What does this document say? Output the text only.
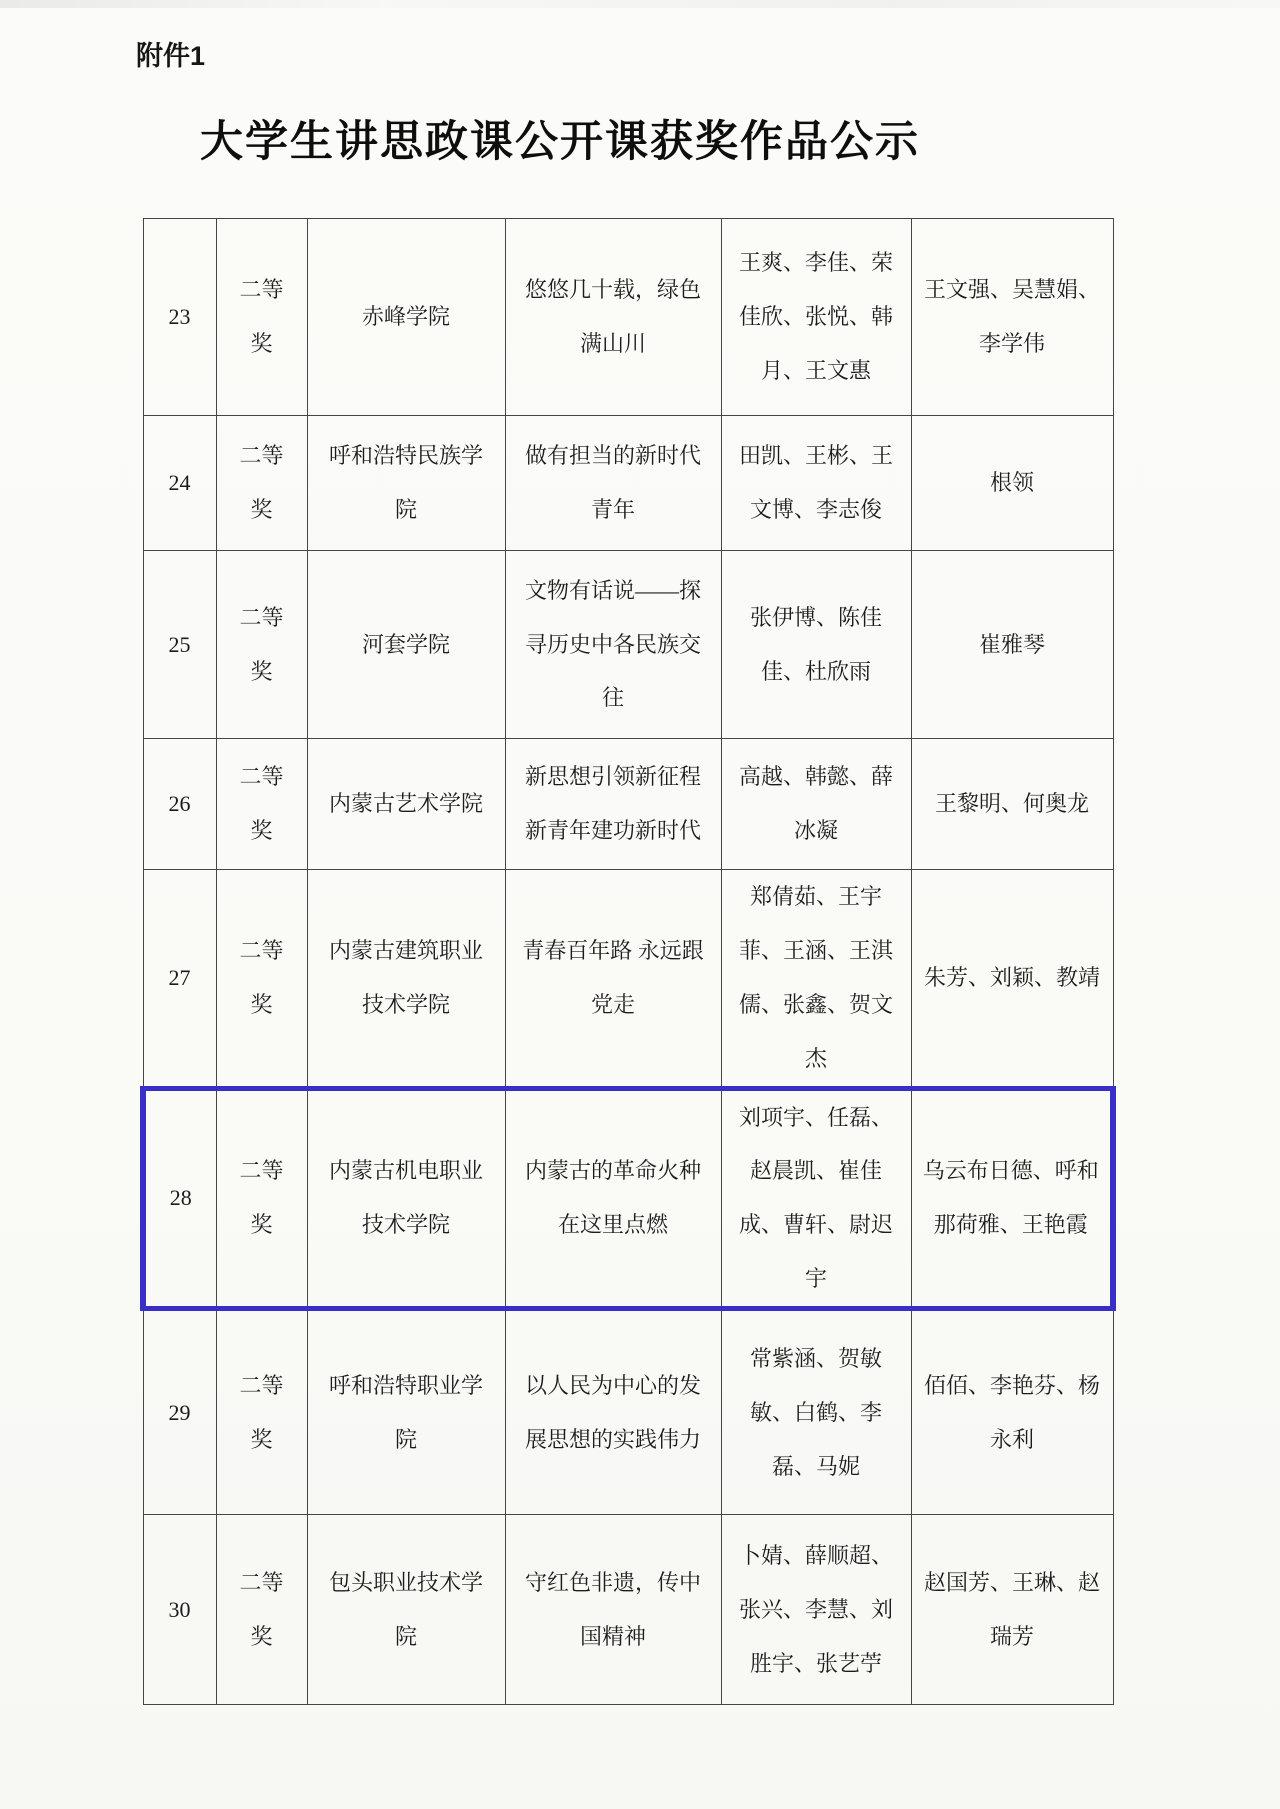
附件1
大学生讲思政课公开课获奖作品公示
23	二等奖	赤峰学院	悠悠几十载，绿色满山川	王爽、李佳、荣佳欣、张悦、韩月、王文惠	王文强、吴慧娟、李学伟
24	二等奖	呼和浩特民族学院	做有担当的新时代青年	田凯、王彬、王文博、李志俊	根领
25	二等奖	河套学院	文物有话说——探寻历史中各民族交往	张伊博、陈佳佳、杜欣雨	崔雅琴
26	二等奖	内蒙古艺术学院	新思想引领新征程 新青年建功新时代	高越、韩懿、薛冰凝	王黎明、何奥龙
27	二等奖	内蒙古建筑职业技术学院	青春百年路 永远跟党走	郑倩茹、王宇菲、王涵、王淇儒、张鑫、贺文杰	朱芳、刘颖、教靖
28	二等奖	内蒙古机电职业技术学院	内蒙古的革命火种在这里点燃	刘项宇、任磊、赵晨凯、崔佳成、曹轩、尉迟宇	乌云布日德、呼和那荷雅、王艳霞
29	二等奖	呼和浩特职业学院	以人民为中心的发展思想的实践伟力	常紫涵、贺敏敏、白鹤、李磊、马妮	佰佰、李艳芬、杨永利
30	二等奖	包头职业技术学院	守红色非遗，传中国精神	卜婧、薛顺超、张兴、李慧、刘胜宇、张艺苧	赵国芳、王琳、赵瑞芳
